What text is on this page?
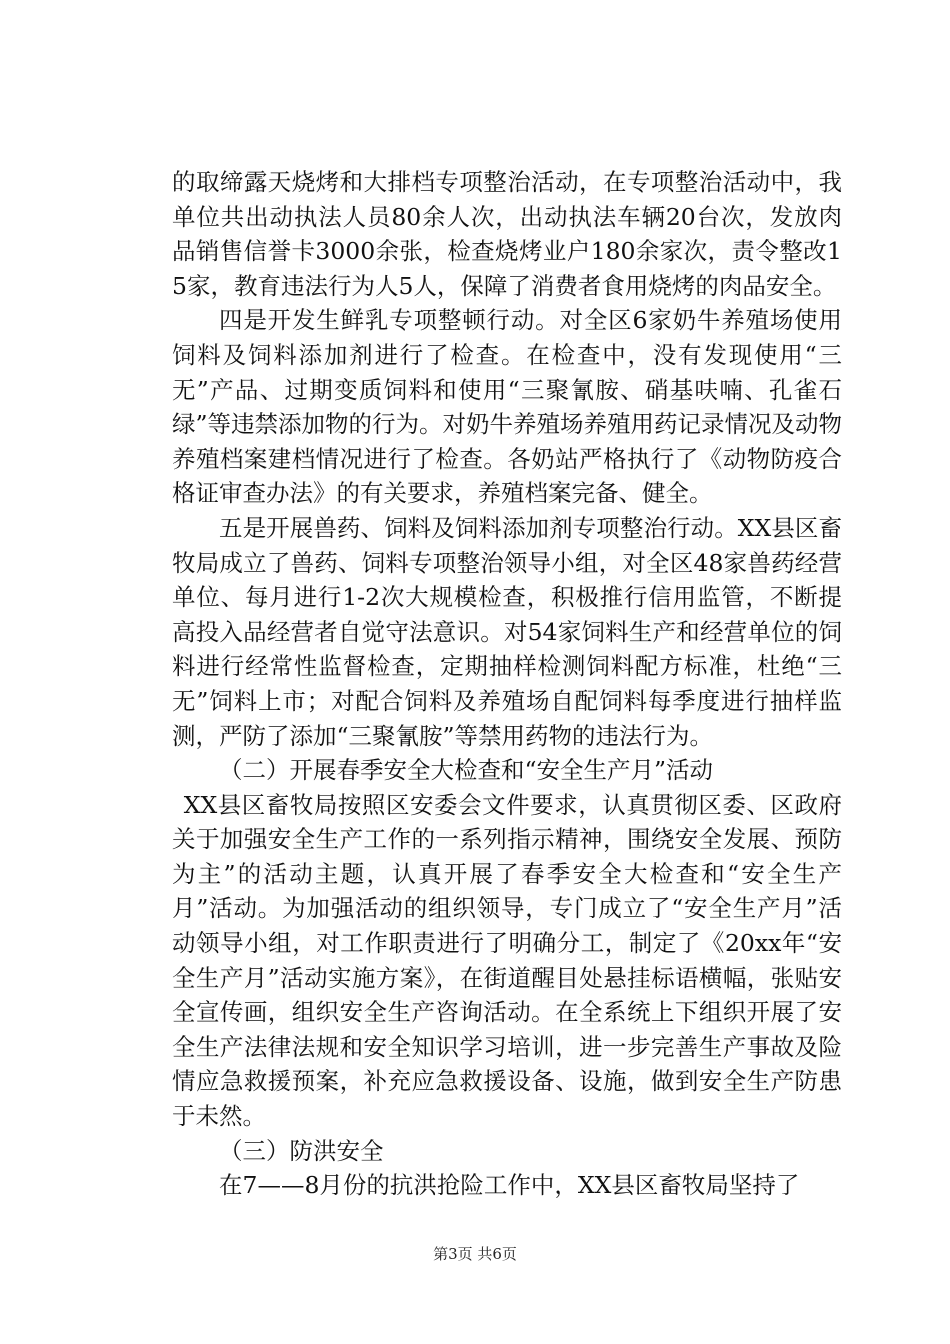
的取缔露天烧烤和大排档专项整治活动，在专项整治活动中，我单位共出动执法人员80余人次，出动执法车辆20台次，发放肉品销售信誉卡3000余张，检查烧烤业户180余家次，责令整改15家，教育违法行为人5人，保障了消费者食用烧烤的肉品安全。

四是开发生鲜乳专项整顿行动。对全区6家奶牛养殖场使用饲料及饲料添加剂进行了检查。在检查中，没有发现使用“三无”产品、过期变质饲料和使用“三聚氰胺、硝基呋喃、孔雀石绿”等违禁添加物的行为。对奶牛养殖场养殖用药记录情况及动物养殖档案建档情况进行了检查。各奶站严格执行了《动物防疫合格证审查办法》的有关要求，养殖档案完备、健全。

五是开展兽药、饲料及饲料添加剂专项整治行动。XX县区畜牧局成立了兽药、饲料专项整治领导小组，对全区48家兽药经营单位、每月进行1-2次大规模检查，积极推行信用监管，不断提高投入品经营者自觉守法意识。对54家饲料生产和经营单位的饲料进行经常性监督检查，定期抽样检测饲料配方标准，杜绝“三无”饲料上市；对配合饲料及养殖场自配饲料每季度进行抽样监测，严防了添加“三聚氰胺”等禁用药物的违法行为。

（二）开展春季安全大检查和“安全生产月”活动

XX县区畜牧局按照区安委会文件要求，认真贯彻区委、区政府关于加强安全生产工作的一系列指示精神，围绕安全发展、预防为主”的活动主题，认真开展了春季安全大检查和“安全生产月”活动。为加强活动的组织领导，专门成立了“安全生产月”活动领导小组，对工作职责进行了明确分工，制定了《20xx年“安全生产月”活动实施方案》，在街道醒目处悬挂标语横幅，张贴安全宣传画，组织安全生产咨询活动。在全系统上下组织开展了安全生产法律法规和安全知识学习培训，进一步完善生产事故及险情应急救援预案，补充应急救援设备、设施，做到安全生产防患于未然。

（三）防洪安全

在7——8月份的抗洪抢险工作中，XX县区畜牧局坚持了

第3页 共6页
